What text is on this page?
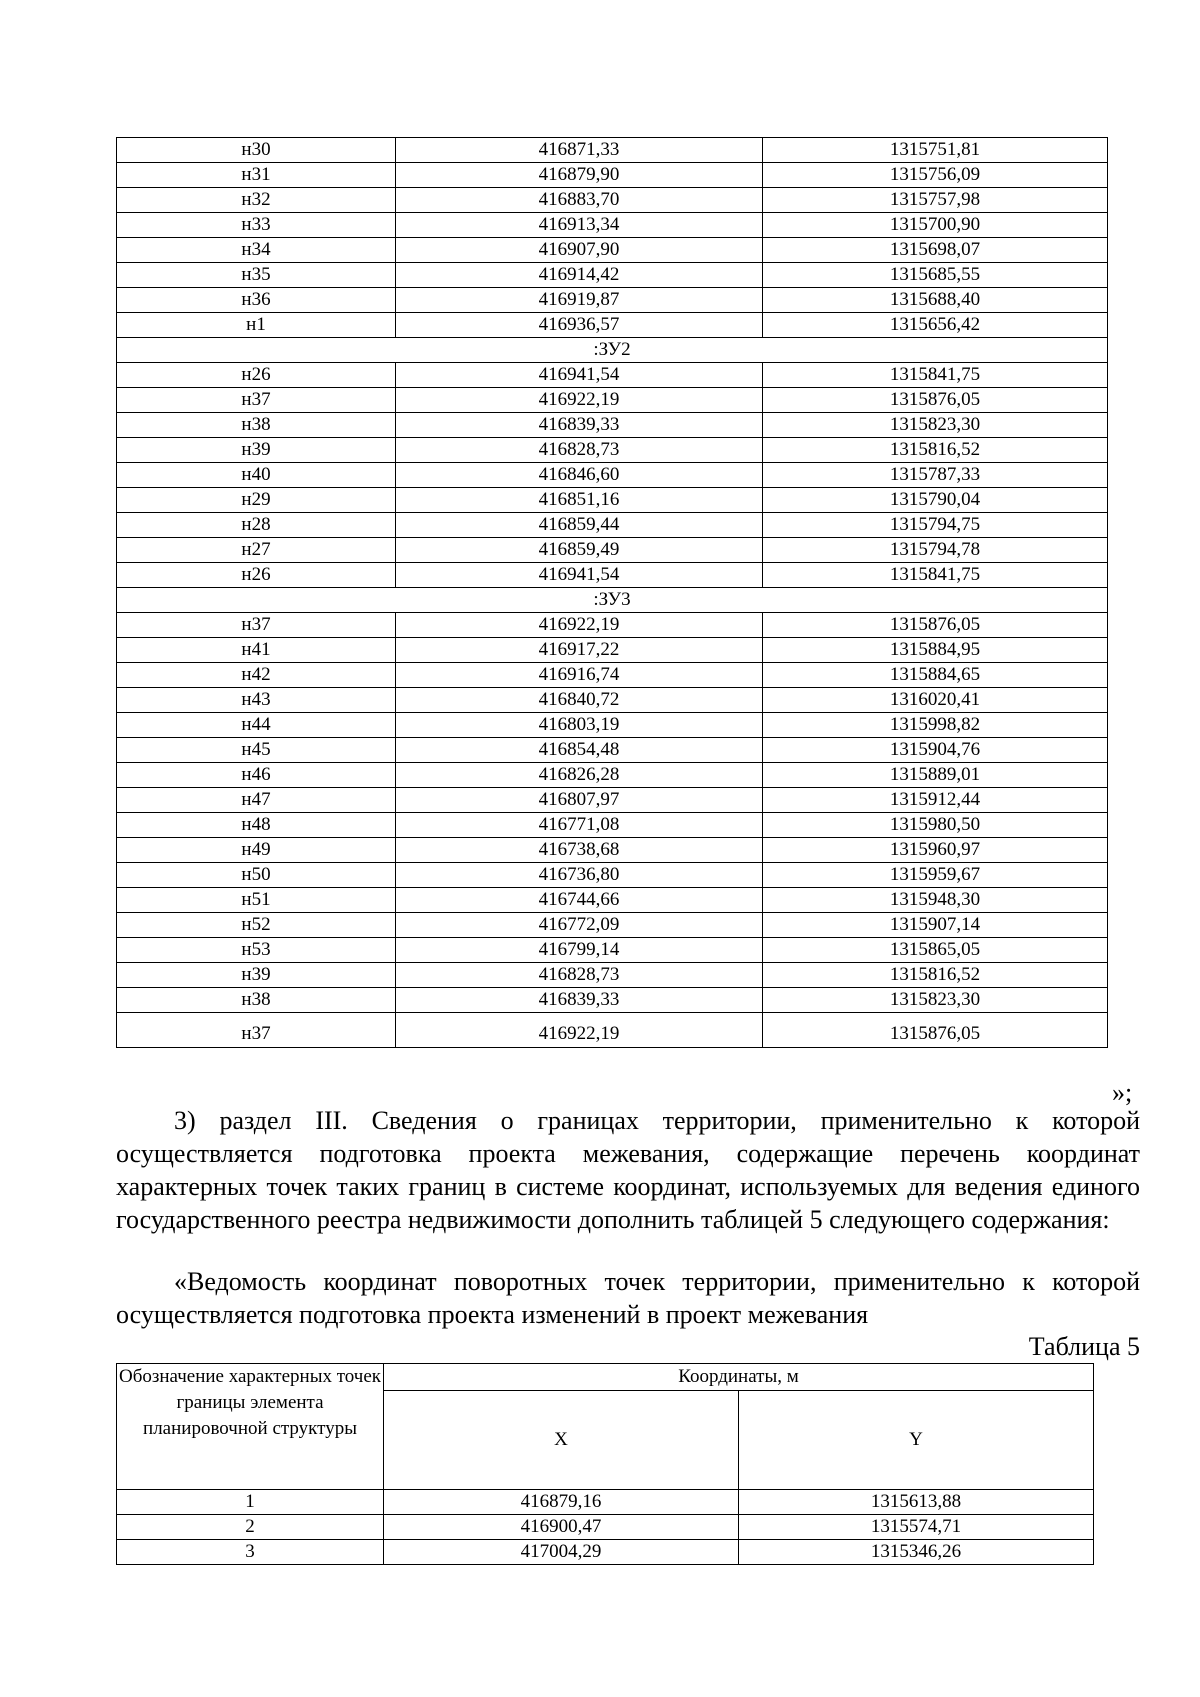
н30	416871,33	1315751,81
н31	416879,90	1315756,09
н32	416883,70	1315757,98
н33	416913,34	1315700,90
н34	416907,90	1315698,07
н35	416914,42	1315685,55
н36	416919,87	1315688,40
н1	416936,57	1315656,42
:ЗУ2		
н26	416941,54	1315841,75
н37	416922,19	1315876,05
н38	416839,33	1315823,30
н39	416828,73	1315816,52
н40	416846,60	1315787,33
н29	416851,16	1315790,04
н28	416859,44	1315794,75
н27	416859,49	1315794,78
н26	416941,54	1315841,75
:ЗУ3		
н37	416922,19	1315876,05
н41	416917,22	1315884,95
н42	416916,74	1315884,65
н43	416840,72	1316020,41
н44	416803,19	1315998,82
н45	416854,48	1315904,76
н46	416826,28	1315889,01
н47	416807,97	1315912,44
н48	416771,08	1315980,50
н49	416738,68	1315960,97
н50	416736,80	1315959,67
н51	416744,66	1315948,30
н52	416772,09	1315907,14
н53	416799,14	1315865,05
н39	416828,73	1315816,52
н38	416839,33	1315823,30
н37	416922,19	1315876,05
»;

3) раздел III. Сведения о границах территории, применительно к которой осуществляется подготовка проекта межевания, содержащие перечень координат характерных точек таких границ в системе координат, используемых для ведения единого государственного реестра недвижимости дополнить таблицей 5 следующего содержания:

«Ведомость координат поворотных точек территории, применительно к которой осуществляется подготовка проекта изменений в проект межевания

Таблица 5
Обозначение характерных точек границы элемента планировочной структуры	Координаты, м	
	X	Y
1	416879,16	1315613,88
2	416900,47	1315574,71
3	417004,29	1315346,26
